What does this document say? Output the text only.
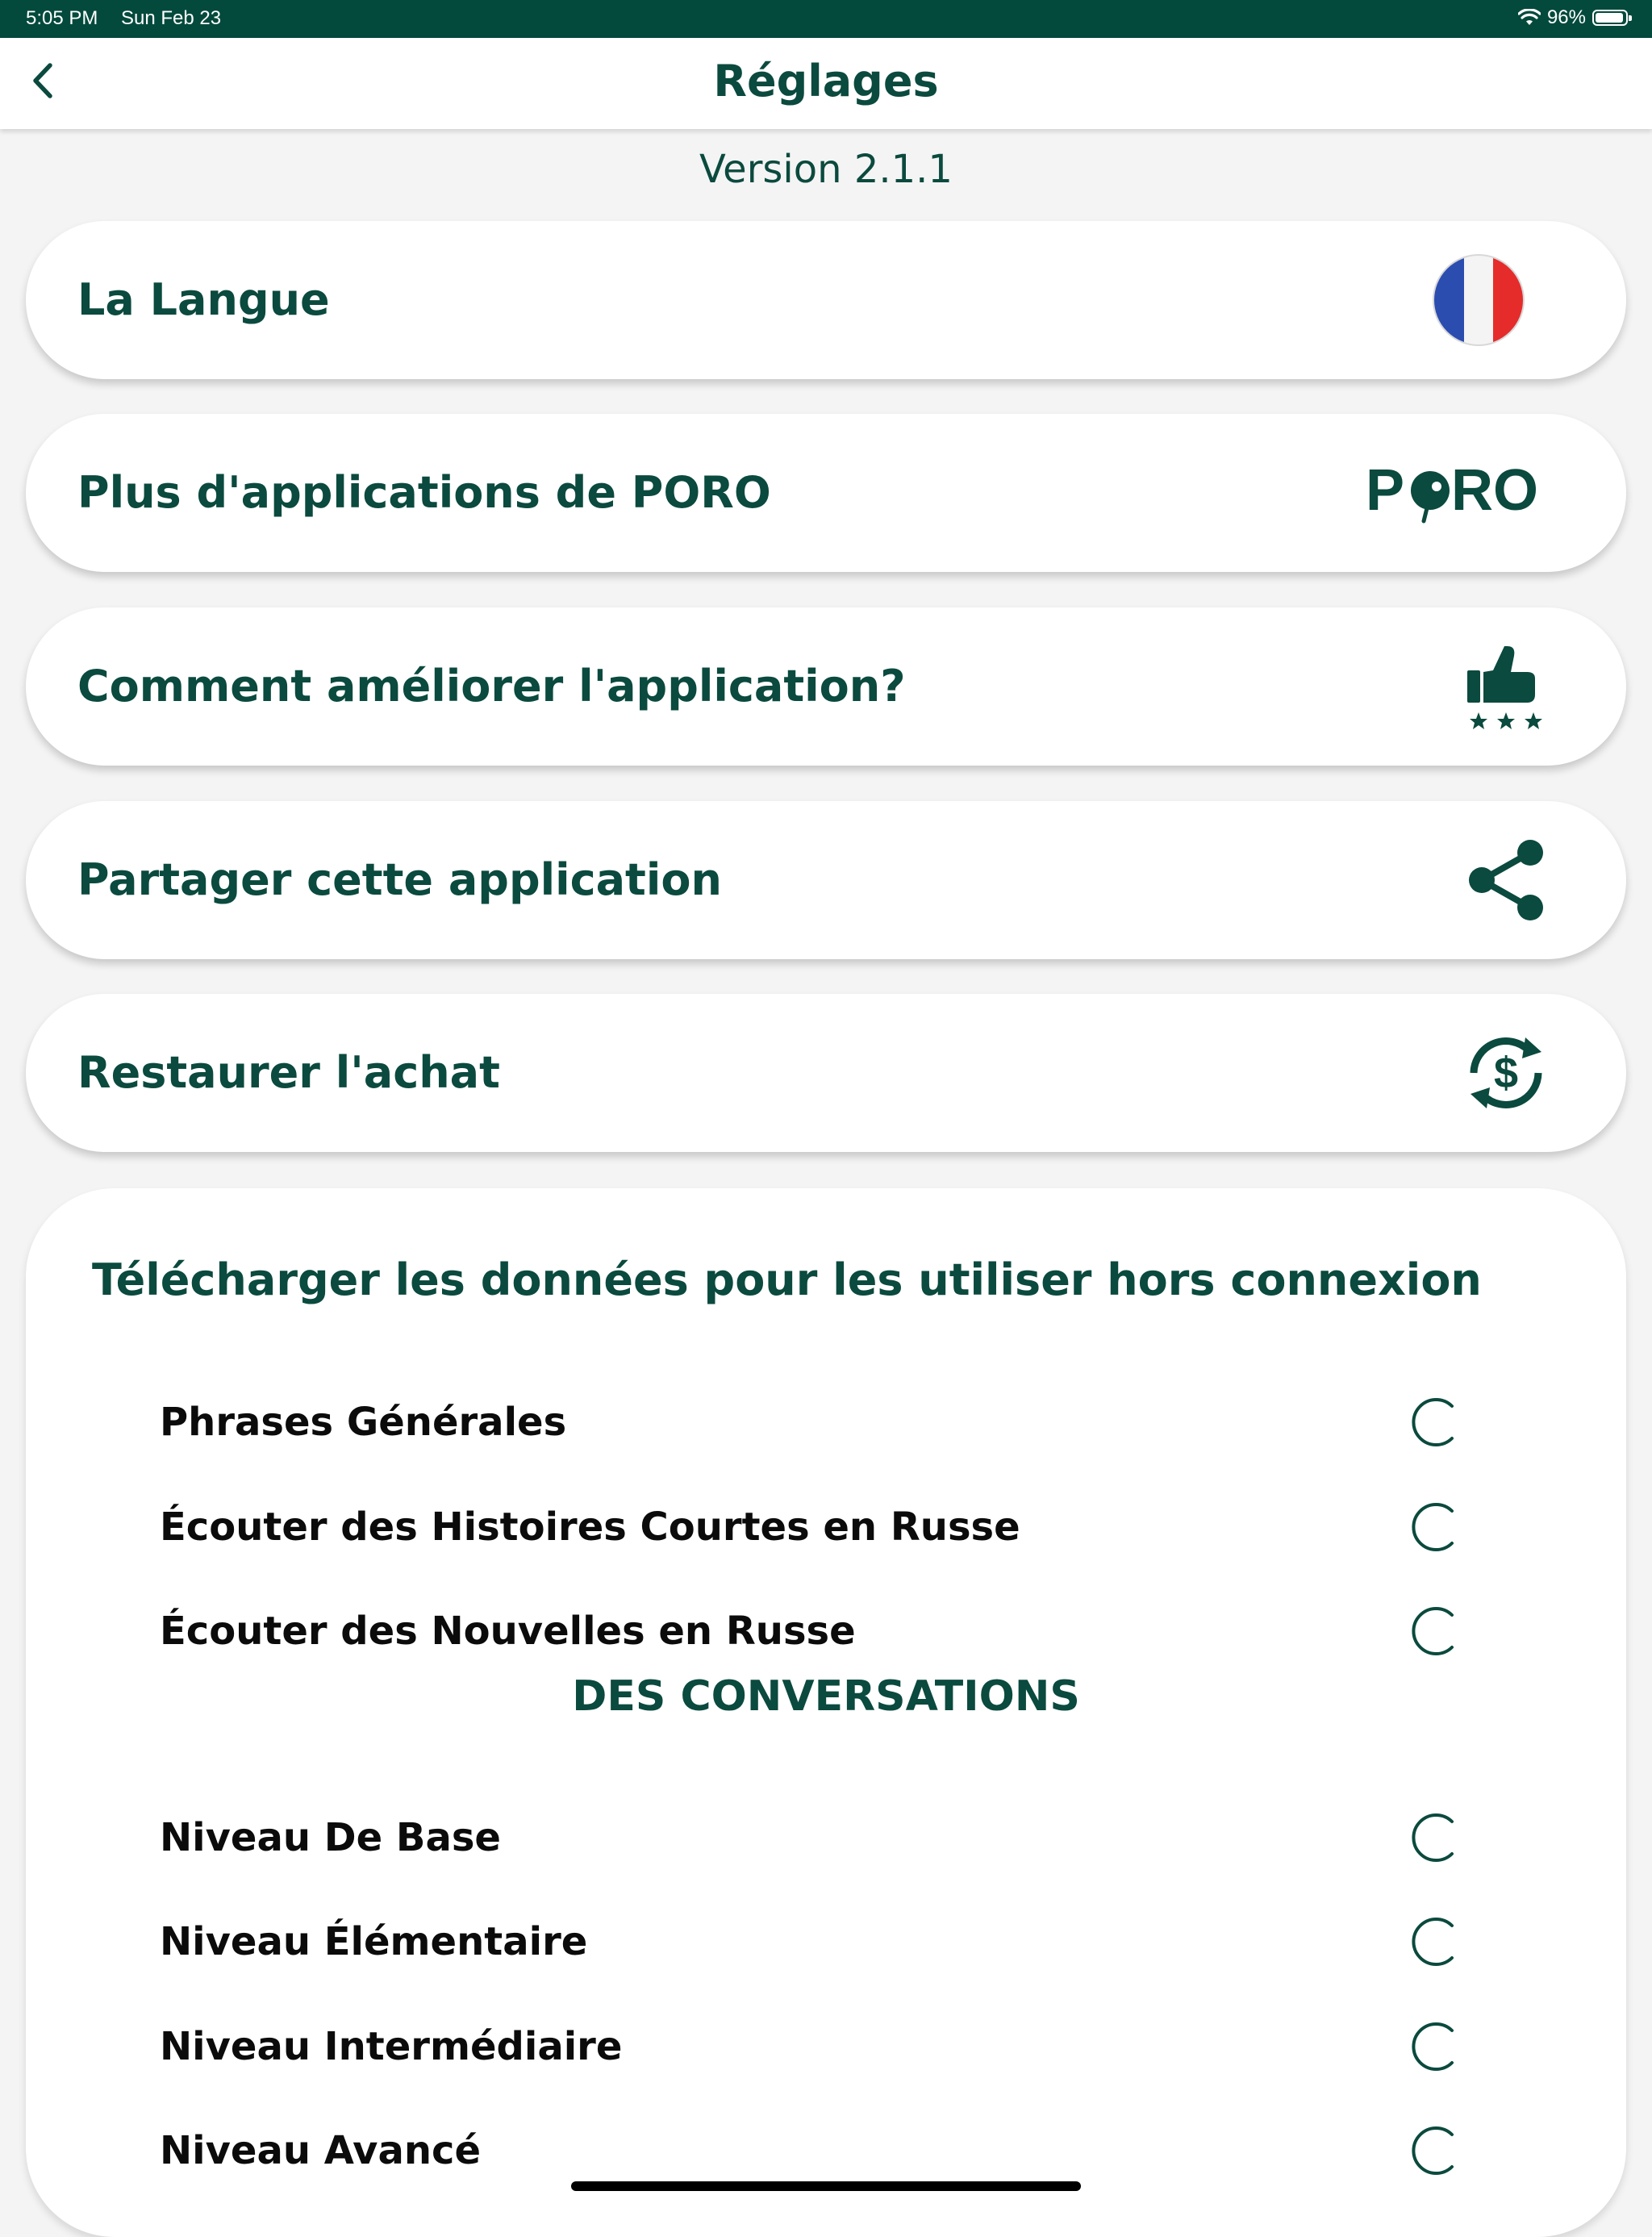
5:05 PM Sun Feb 23	96%
Réglages
Version 2.1.1
La Langue
Plus d'applications de PORO	P RO
Comment améliorer l'application?
Partager cette application
Restaurer l'achat	$
Télécharger les données pour les utiliser hors connexion
Phrases Générales
Écouter des Histoires Courtes en Russe
Écouter des Nouvelles en Russe
DES CONVERSATIONS
Niveau De Base
Niveau Élémentaire
Niveau Intermédiaire
Niveau Avancé
